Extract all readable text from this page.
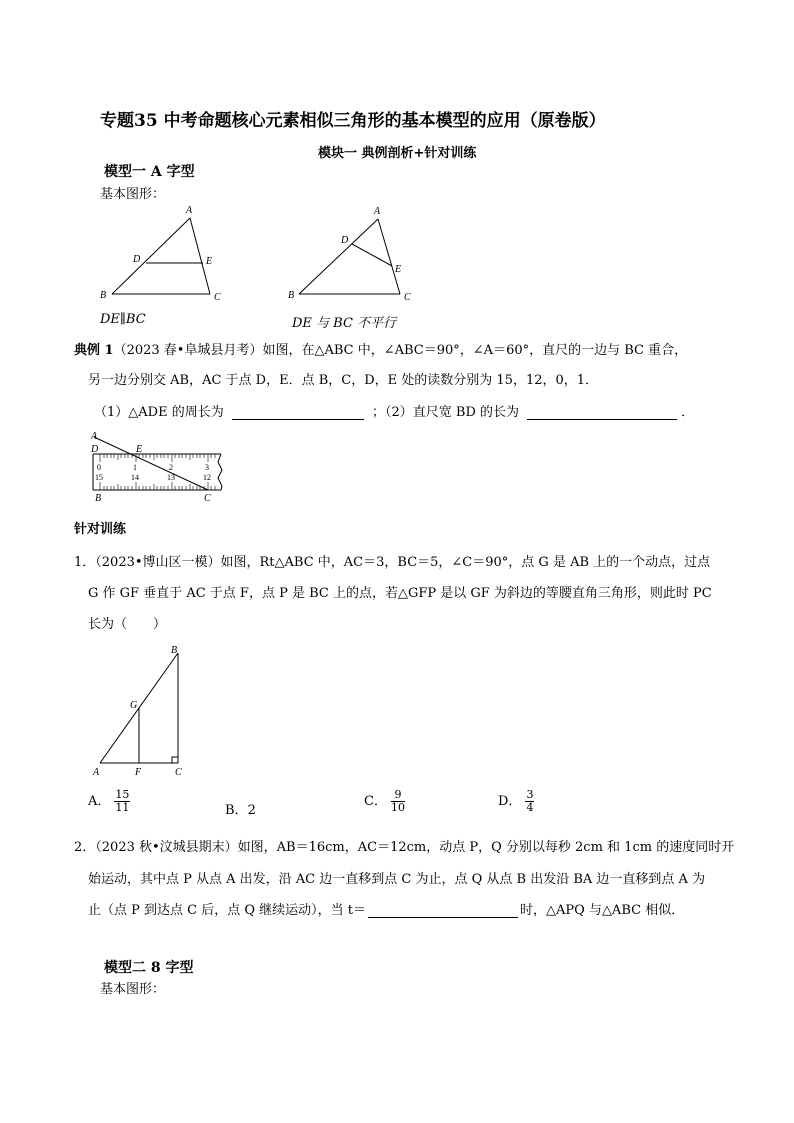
专题35 中考命题核心元素相似三角形的基本模型的应用（原卷版）
模块一 典例剖析+针对训练
模型一 A 字型
基本图形：
A
D	E
B	C
A
D
E
B	C
DE∥BC	DE 与 BC 不平行
典例 1（2023 春•阜城县月考）如图，在△ABC 中，∠ABC＝90°，∠A＝60°，直尺的一边与 BC 重合，
另一边分别交 AB，AC 于点 D，E．点 B，C，D，E 处的读数分别为 15，12，0，1．
（1）△ADE 的周长为	；（2）直尺宽 BD 的长为	．
0	1	2	3
15	14	13	12
A
D	E
B	C
针对训练
1．（2023•博山区一模）如图，Rt△ABC 中，AC＝3，BC＝5，∠C＝90°，点 G 是 AB 上的一个动点，过点
G 作 GF 垂直于 AC 于点 F，点 P 是 BC 上的点，若△GFP 是以 GF 为斜边的等腰直角三角形，则此时 PC
长为（　　）
B
G
A	F	C
A． $\frac{15}{11}$	B．2
C． $\frac{9}{10}$	D． $\frac{3}{4}$
2．（2023 秋•汶城县期末）如图，AB＝16cm，AC＝12cm，动点 P，Q 分别以每秒 2cm 和 1cm 的速度同时开
始运动，其中点 P 从点 A 出发，沿 AC 边一直移到点 C 为止，点 Q 从点 B 出发沿 BA 边一直移到点 A 为
止（点 P 到达点 C 后，点 Q 继续运动），当 t＝	时，△APQ 与△ABC 相似．
模型二 8 字型
基本图形：
